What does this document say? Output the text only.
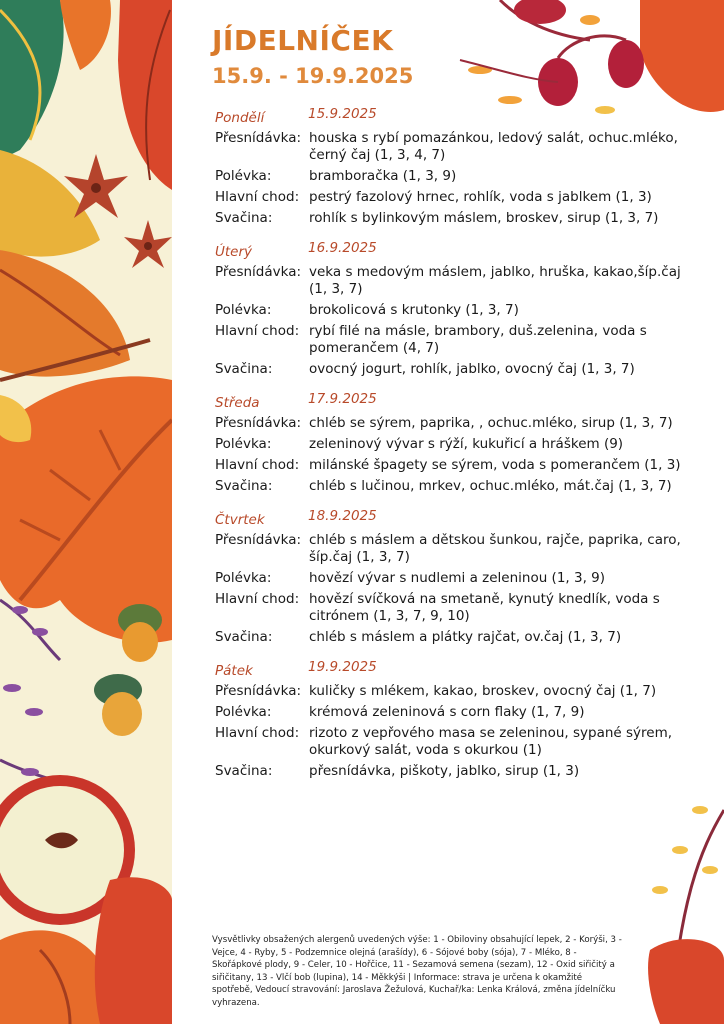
JÍDELNÍČEK
15.9. - 19.9.2025
Pondělí	15.9.2025
Přesnídávka: houska s rybí pomazánkou, ledový salát, ochuc.mléko, černý čaj (1, 3, 4, 7)
Polévka:	bramboračka (1, 3, 9)
Hlavní chod: pestrý fazolový hrnec, rohlík, voda s jablkem (1, 3)
Svačina:	rohlík s bylinkovým máslem, broskev, sirup (1, 3, 7)
Úterý	16.9.2025
Přesnídávka: veka s medovým máslem, jablko, hruška, kakao,šíp.čaj (1, 3, 7)
Polévka:	brokolicová s krutonky (1, 3, 7)
Hlavní chod: rybí filé na másle, brambory, duš.zelenina, voda s pomerančem (4, 7)
Svačina:	ovocný jogurt, rohlík, jablko, ovocný čaj (1, 3, 7)
Středa	17.9.2025
Přesnídávka: chléb se sýrem, paprika, , ochuc.mléko, sirup (1, 3, 7)
Polévka:	zeleninový vývar s rýží, kukuřicí a hráškem (9)
Hlavní chod: milánské špagety se sýrem, voda s pomerančem (1, 3)
Svačina:	chléb s lučinou, mrkev, ochuc.mléko, mát.čaj (1, 3, 7)
Čtvrtek	18.9.2025
Přesnídávka: chléb s máslem a dětskou šunkou, rajče, paprika, caro, šíp.čaj (1, 3, 7)
Polévka:	hovězí vývar s nudlemi a zeleninou (1, 3, 9)
Hlavní chod: hovězí svíčková na smetaně, kynutý knedlík, voda s citrónem (1, 3, 7, 9, 10)
Svačina:	chléb s máslem a plátky rajčat, ov.čaj (1, 3, 7)
Pátek	19.9.2025
Přesnídávka: kuličky s mlékem, kakao, broskev, ovocný čaj (1, 7)
Polévka:	krémová zeleninová s corn flaky (1, 7, 9)
Hlavní chod: rizoto z vepřového masa se zeleninou, sypané sýrem, okurkový salát, voda s okurkou (1)
Svačina:	přesnídávka, piškoty, jablko, sirup (1, 3)
Vysvětlivky obsažených alergenů uvedených výše: 1 - Obiloviny obsahující lepek, 2 - Korýši, 3 - Vejce, 4 - Ryby, 5 - Podzemnice olejná (arašídy), 6 - Sójové boby (sója), 7 - Mléko, 8 - Skořápkové plody, 9 - Celer, 10 - Hořčice, 11 - Sezamová semena (sezam), 12 - Oxid siřičitý a siřičitany, 13 - Vlčí bob (lupina), 14 - Měkkýši | Informace: strava je určena k okamžité spotřebě, Vedoucí stravování: Jaroslava Žežulová, Kuchař/ka: Lenka Králová, změna jídelníčku vyhrazena.
